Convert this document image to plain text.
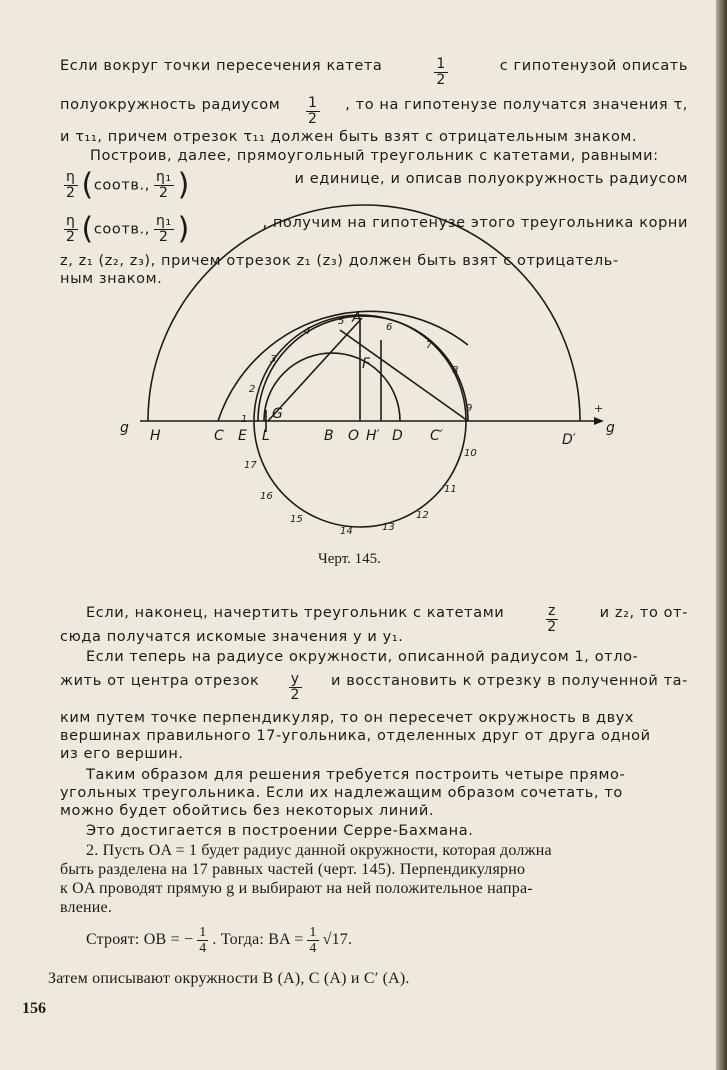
Если вокруг точки пересечения катета	$\frac{1}{2}$	с гипотенузой описать
полуокружность радиусом $\frac{1}{2}$ , то на гипотенузе получатся значения τ,
и τ₁₁, причем отрезок τ₁₁ должен быть взят с отрицательным знаком.
Построив, далее, прямоугольный треугольник с катетами, равными:
$\frac{\eta}{2}$ (соотв., $\frac{\text{η₁}}{2}$ )	и единице, и описав полуокружность радиусом
$\frac{\eta}{2}$ (соотв., $\frac{\text{η₁}}{2}$ )	, получим на гипотенузе этого треугольника корни
z, z₁ (z₂, z₃), причем отрезок z₁ (z₃) должен быть взят с отрицатель-
ным знаком.
g	g
+
H	C E L	B O H′ D C′	D′
A
F
G
1
2
3
4
5
6
7
8
9
10
11
12
13
14
15
16
17
Черт. 145.
Если, наконец, начертить треугольник с катетами	$\frac{z}{2}$	и z₂, то от-
сюда получатся искомые значения y и y₁.
Если теперь на радиусе окружности, описанной радиусом 1, отло-
жить от центра отрезок $\frac{y}{2}$ и восстановить к отрезку в полученной та-
ким путем точке перпендикуляр, то он пересечет окружность в двух
вершинах правильного 17-угольника, отделенных друг от друга одной
из его вершин.
Таким образом для решения требуется построить четыре прямо-
угольных треугольника. Если их надлежащим образом сочетать, то
можно будет обойтись без некоторых линий.
Это достигается в построении Серре-Бахмана.
2. Пусть OA = 1 будет радиус данной окружности, которая должна
быть разделена на 17 равных частей (черт. 145). Перпендикулярно
к OA проводят прямую g и выбирают на ней положительное напра-
вление.
Строят: OB = − $\frac{1}{4}$ . Тогда: BA = $\frac{1}{4} √17$.
Затем описывают окружности B (A), C (A) и C′ (A).
156
